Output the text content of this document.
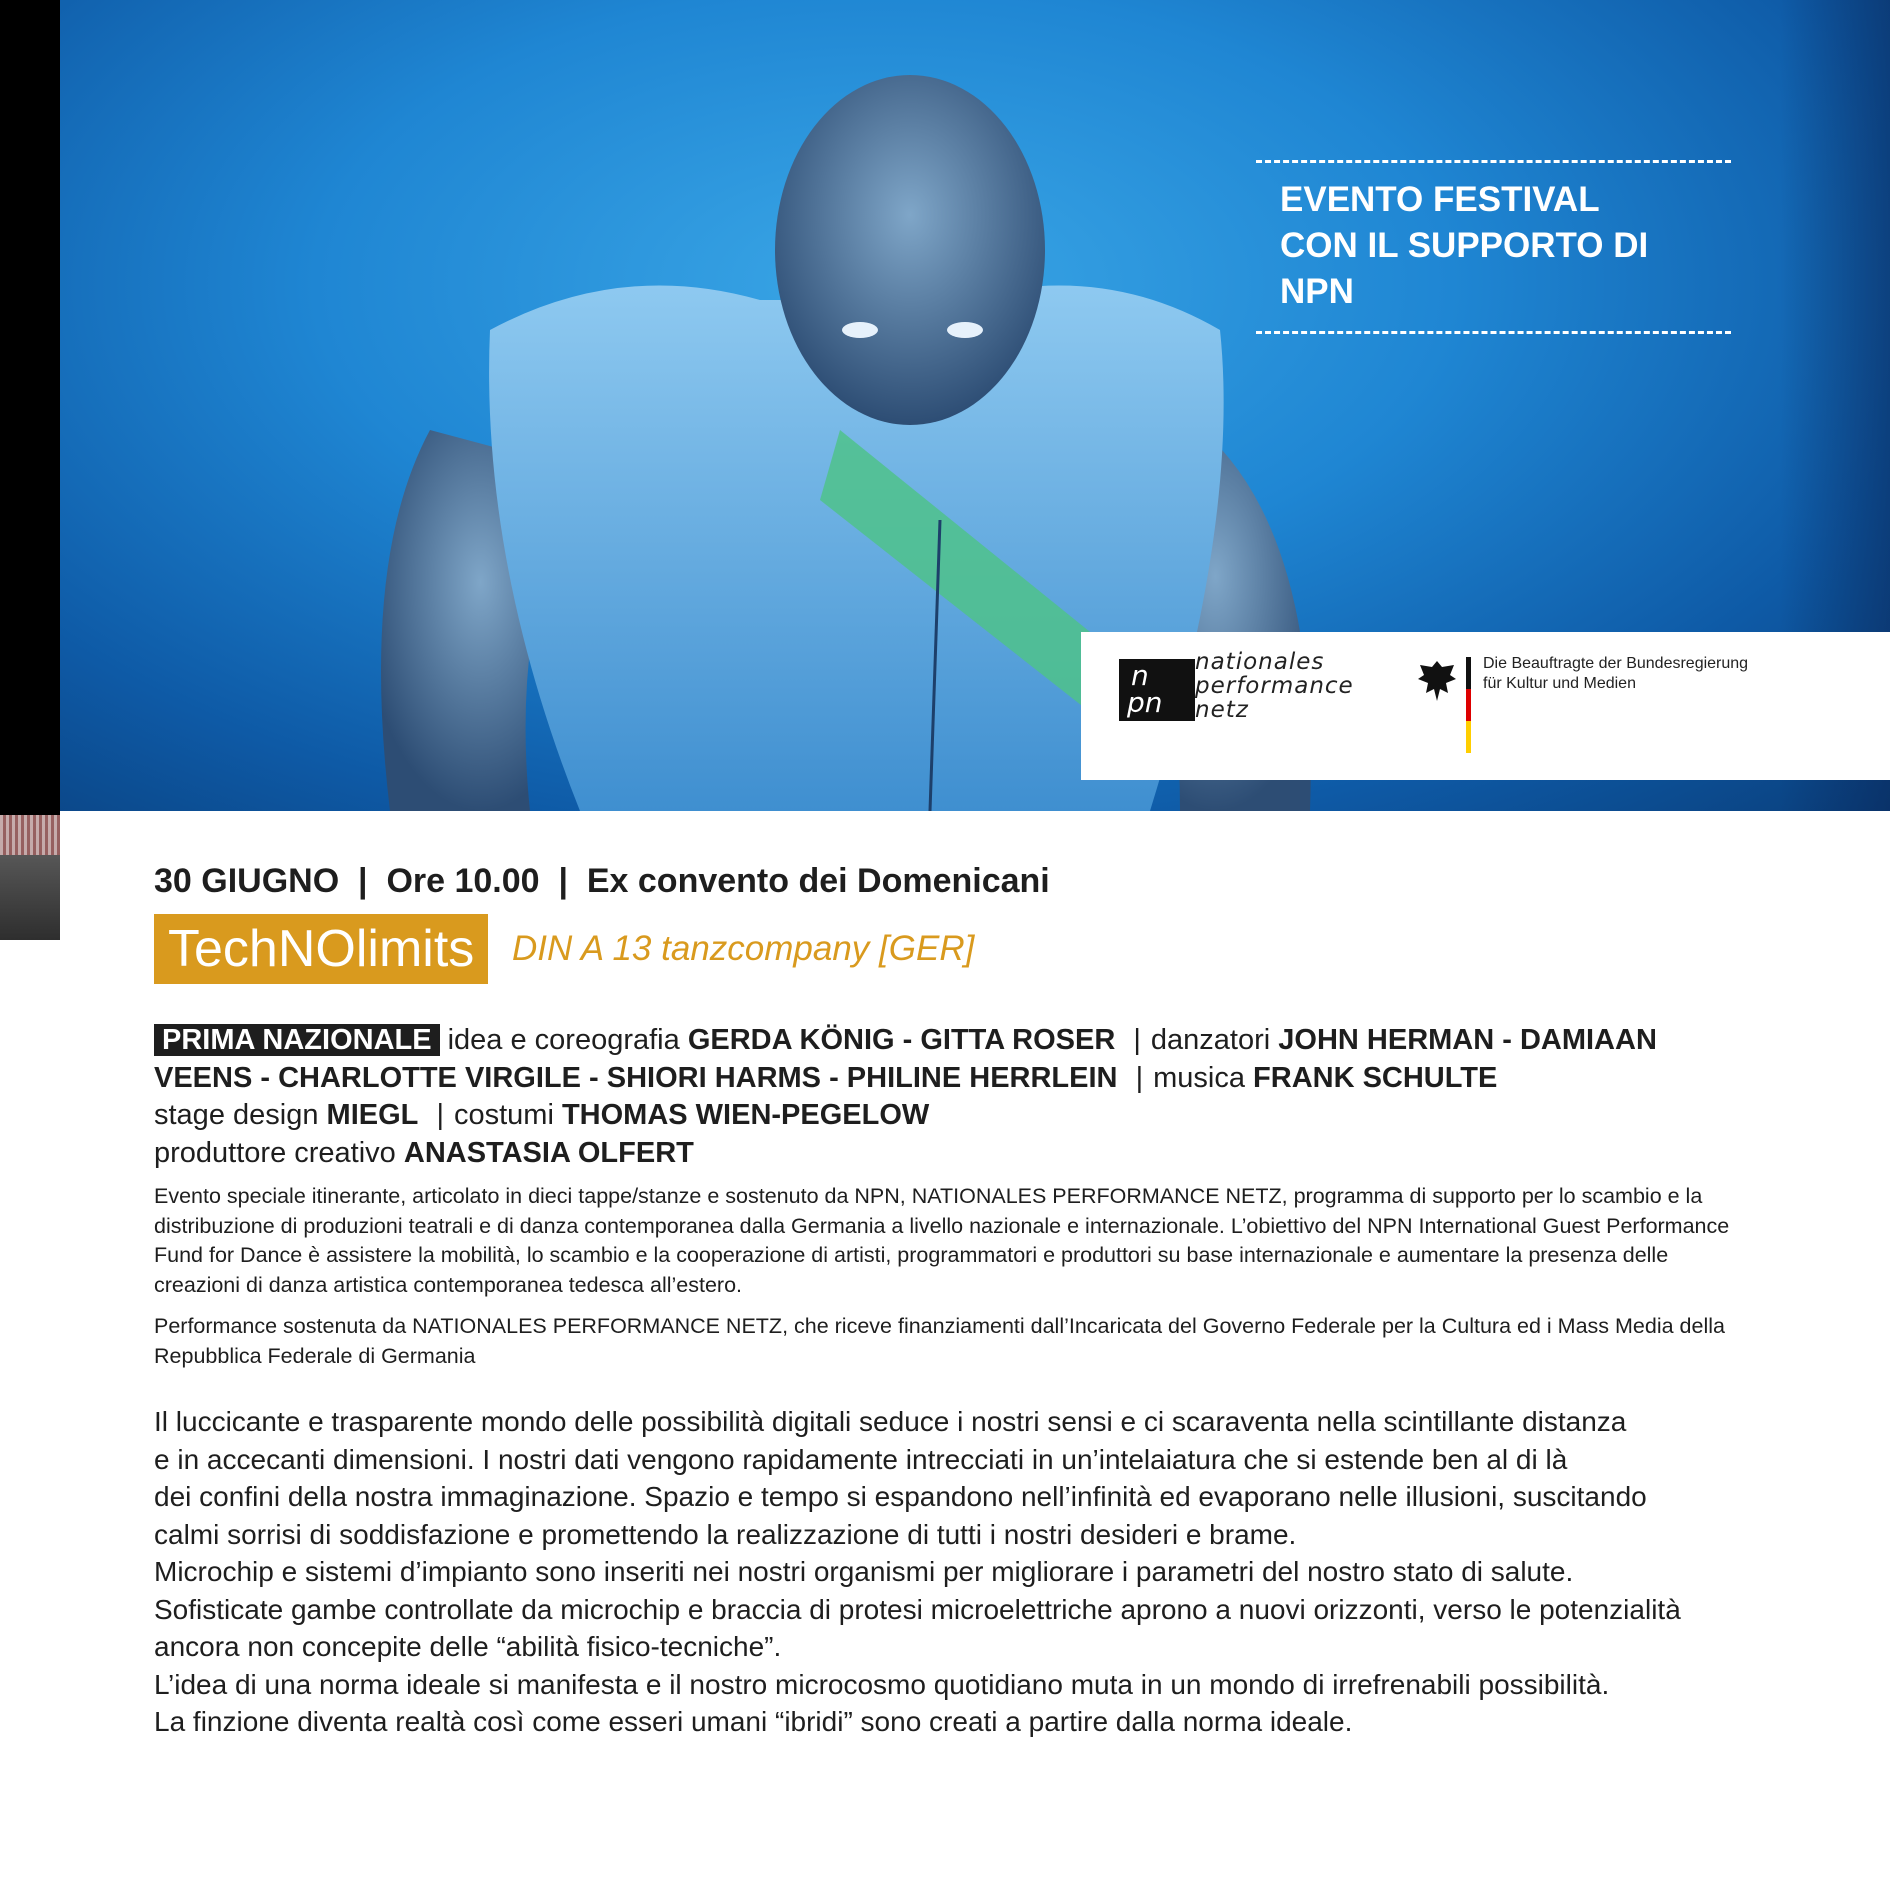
EVENTO FESTIVAL
CON IL SUPPORTO DI NPN
n
pn
nationales
performance
netz
Die Beauftragte der Bundesregierung
für Kultur und Medien
30 GIUGNO  |  Ore 10.00  |  Ex convento dei Domenicani
TechNOlimits	DIN A 13 tanzcompany [GER]
PRIMA NAZIONALE idea e coreografia GERDA KÖNIG - GITTA ROSER | danzatori JOHN HERMAN - DAMIAAN
VEENS - CHARLOTTE VIRGILE - SHIORI HARMS - PHILINE HERRLEIN | musica FRANK SCHULTE
stage design MIEGL | costumi THOMAS WIEN-PEGELOW
produttore creativo ANASTASIA OLFERT

Evento speciale itinerante, articolato in dieci tappe/stanze e sostenuto da NPN, NATIONALES PERFORMANCE NETZ, programma di supporto per lo scambio e la distribuzione di produzioni teatrali e di danza contemporanea dalla Germania a livello nazionale e internazionale. L’obiettivo del NPN International Guest Performance Fund for Dance è assistere la mobilità, lo scambio e la cooperazione di artisti, programmatori e produttori su base internazionale e aumentare la presenza delle creazioni di danza artistica contemporanea tedesca all’estero.

Performance sostenuta da NATIONALES PERFORMANCE NETZ, che riceve finanziamenti dall’Incaricata del Governo Federale per la Cultura ed i Mass Media della Repubblica Federale di Germania

Il luccicante e trasparente mondo delle possibilità digitali seduce i nostri sensi e ci scaraventa nella scintillante distanza
e in accecanti dimensioni. I nostri dati vengono rapidamente intrecciati in un’intelaiatura che si estende ben al di là
dei confini della nostra immaginazione. Spazio e tempo si espandono nell’infinità ed evaporano nelle illusioni, suscitando
calmi sorrisi di soddisfazione e promettendo la realizzazione di tutti i nostri desideri e brame.
Microchip e sistemi d’impianto sono inseriti nei nostri organismi per migliorare i parametri del nostro stato di salute.
Sofisticate gambe controllate da microchip e braccia di protesi microelettriche aprono a nuovi orizzonti, verso le potenzialità
ancora non concepite delle “abilità fisico-tecniche”.
L’idea di una norma ideale si manifesta e il nostro microcosmo quotidiano muta in un mondo di irrefrenabili possibilità.
La finzione diventa realtà così come esseri umani “ibridi” sono creati a partire dalla norma ideale.
